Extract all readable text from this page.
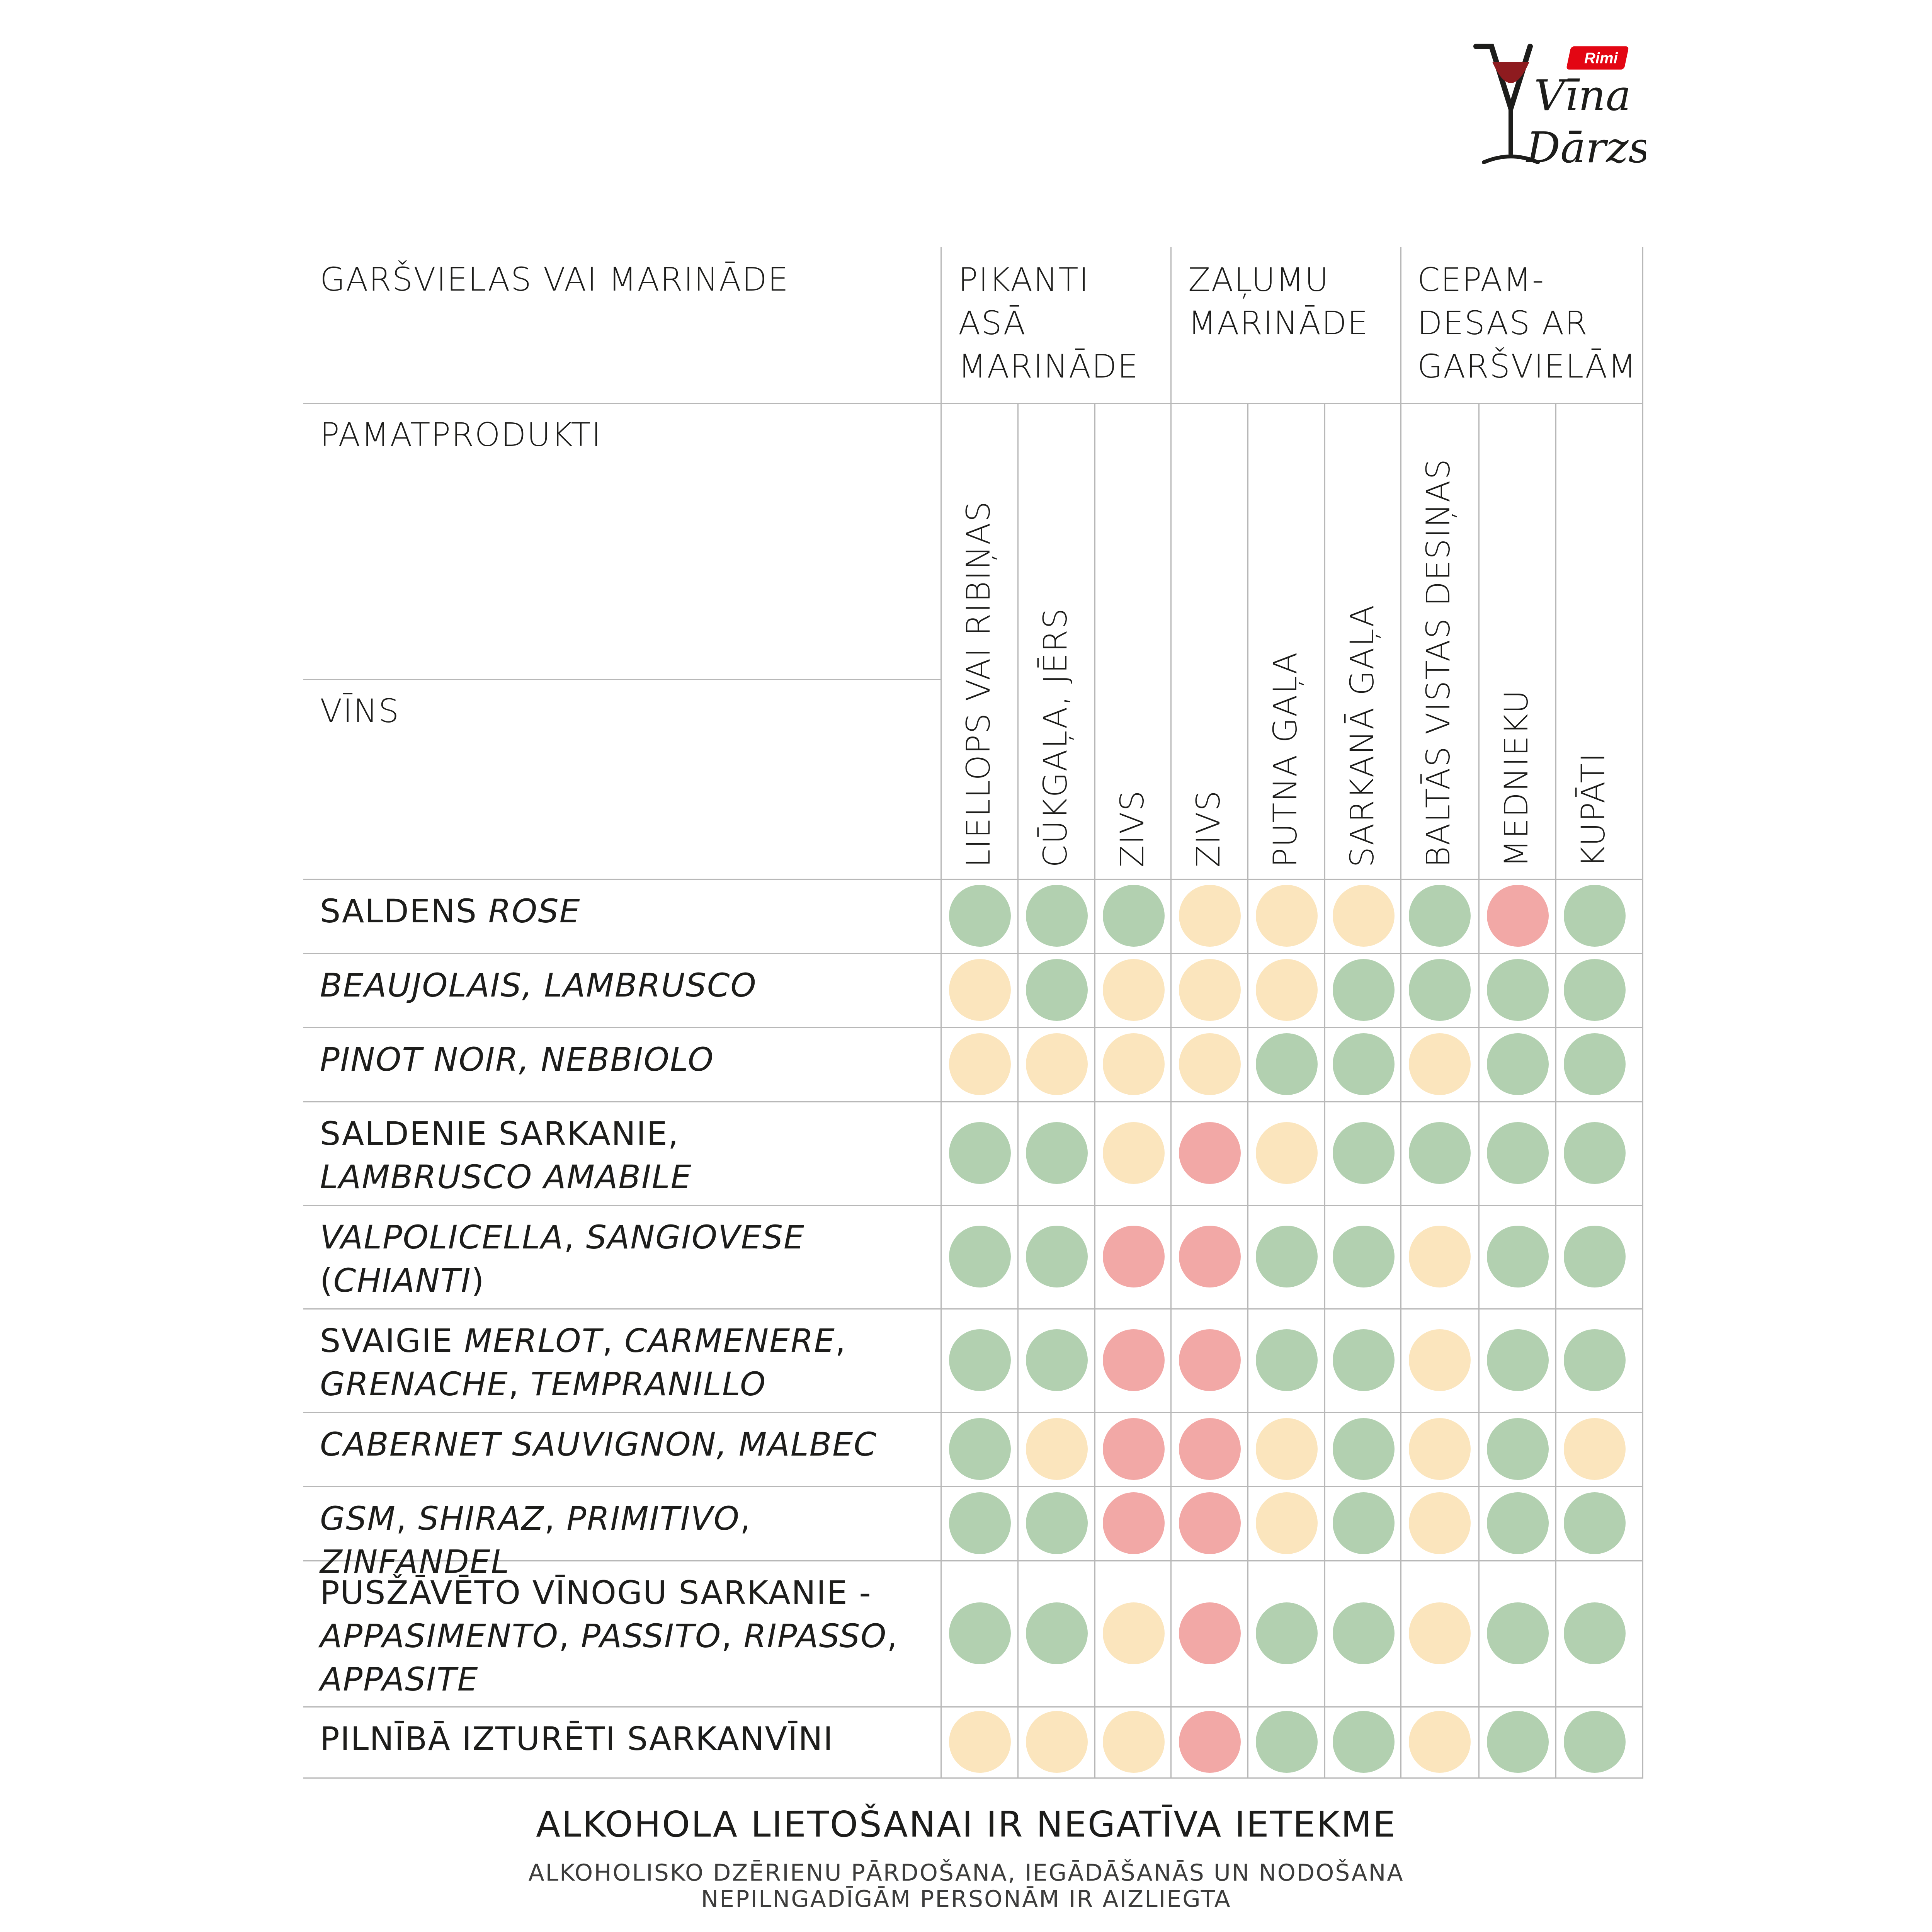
Rimi
Vīna
Dārzs
GARŠVIELAS VAI MARINĀDE
PAMATPRODUKTI
VĪNS
PIKANTI
ASĀ
MARINĀDE
ZAĻUMU
MARINĀDE
CEPAM-
DESAS AR
GARŠVIELĀM
LIELLOPS VAI RIBIŅAS CŪKGAĻA, JĒRS ZIVS ZIVS PUTNA GAĻA SARKANĀ GAĻA BALTĀS VISTAS DESIŅAS MEDNIEKU KUPĀTI
SALDENS ROSE
BEAUJOLAIS, LAMBRUSCO
PINOT NOIR, NEBBIOLO
SALDENIE SARKANIE, LAMBRUSCO AMABILE
VALPOLICELLA, SANGIOVESE (CHIANTI)
SVAIGIE MERLOT, CARMENERE, GRENACHE, TEMPRANILLO
CABERNET SAUVIGNON, MALBEC
GSM, SHIRAZ, PRIMITIVO, ZINFANDEL
PUSŽĀVĒTO VĪNOGU SARKANIE - APPASIMENTO, PASSITO, RIPASSO, APPASITE
PILNĪBĀ IZTURĒTI SARKANVĪNI
ALKOHOLA LIETOŠANAI IR NEGATĪVA IETEKME
ALKOHOLISKO DZĒRIENU PĀRDOŠANA, IEGĀDĀŠANĀS UN NODOŠANA
NEPILNGADĪGĀM PERSONĀM IR AIZLIEGTA
